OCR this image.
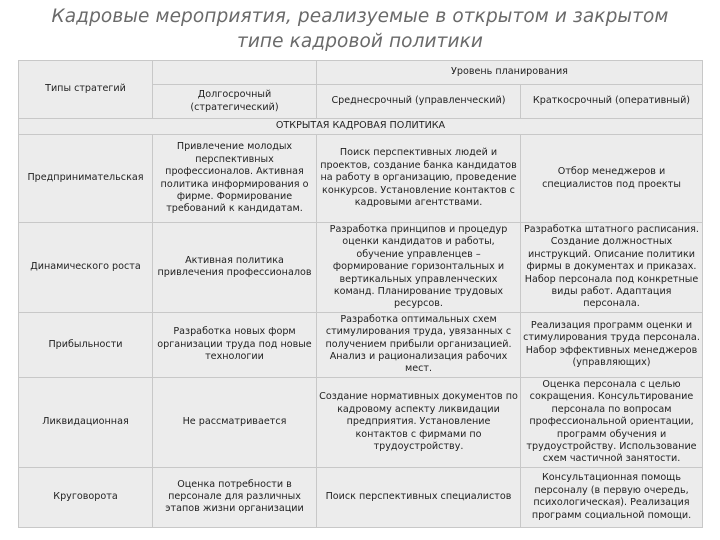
Кадровые мероприятия, реализуемые в открытом и закрытом
типе кадровой политики
Типы стратегий		Уровень планирования	
	Долгосрочный (стратегический)	Среднесрочный (управленческий)	Краткосрочный (оперативный)
ОТКРЫТАЯ КАДРОВАЯ ПОЛИТИКА			
Предпринимательская	Привлечение молодых перспективных профессионалов. Активная политика информирования о фирме. Формирование требований к кандидатам.	Поиск перспективных людей и проектов, создание банка кандидатов на работу в организацию, проведение конкурсов. Установление контактов с кадровыми агентствами.	Отбор менеджеров и специалистов под проекты
Динамического роста	Активная политика привлечения профессионалов	Разработка принципов и процедур оценки кандидатов и работы, обучение управленцев – формирование горизонтальных и вертикальных управленческих команд. Планирование трудовых ресурсов.	Разработка штатного расписания. Создание должностных инструкций. Описание политики фирмы в документах и приказах. Набор персонала под конкретные виды работ. Адаптация персонала.
Прибыльности	Разработка новых форм организации труда под новые технологии	Разработка оптимальных схем стимулирования труда, увязанных с получением прибыли организацией. Анализ и рационализация рабочих мест.	Реализация программ оценки и стимулирования труда персонала. Набор эффективных менеджеров (управляющих)
Ликвидационная	Не рассматривается	Создание нормативных документов по кадровому аспекту ликвидации предприятия. Установление контактов с фирмами по трудоустройству.	Оценка персонала с целью сокращения. Консультирование персонала по вопросам профессиональной ориентации, программ обучения и трудоустройству. Использование схем частичной занятости.
Круговорота	Оценка потребности в персонале для различных этапов жизни организации	Поиск перспективных специалистов	Консультационная помощь персоналу (в первую очередь, психологическая). Реализация программ социальной помощи.
